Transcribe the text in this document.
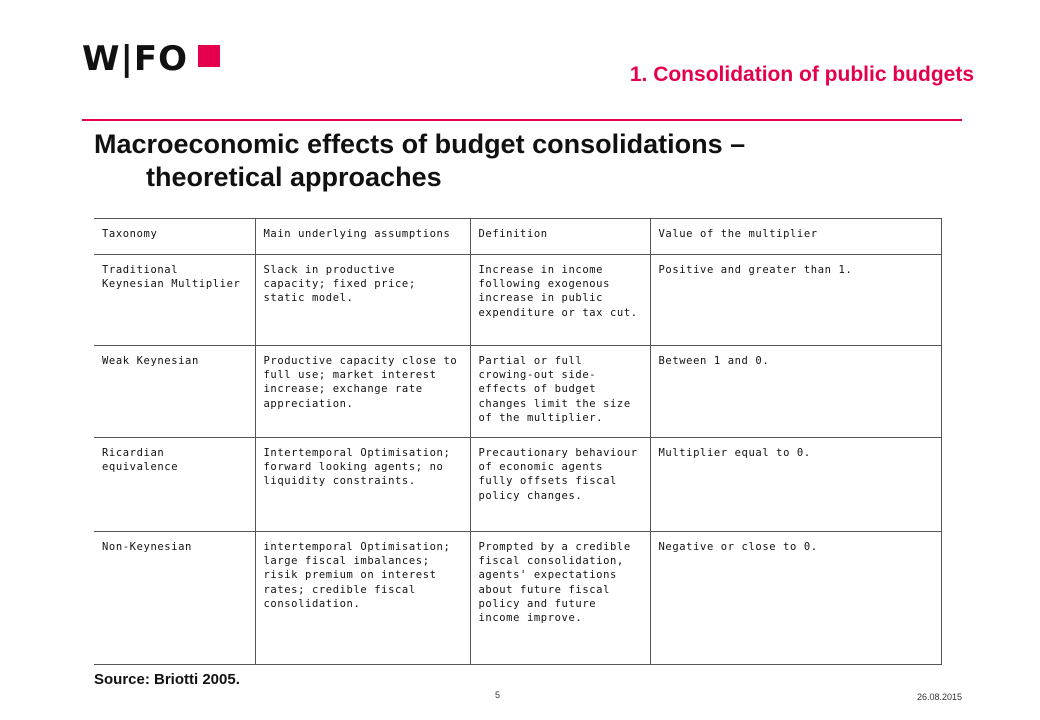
W|FO	1. Consolidation of public budgets
Macroeconomic effects of budget consolidations –
theoretical approaches
Taxonomy	Main underlying assumptions	Definition	Value of the multiplier
Traditional Keynesian Multiplier	Slack in productive capacity; fixed price; static model.	Increase in income following exogenous increase in public expenditure or tax cut.	Positive and greater than 1.
Weak Keynesian	Productive capacity close to full use; market interest increase; exchange rate appreciation.	Partial or full crowing-out side-effects of budget changes limit the size of the multiplier.	Between 1 and 0.
Ricardian equivalence	Intertemporal Optimisation; forward looking agents; no liquidity constraints.	Precautionary behaviour of economic agents fully offsets fiscal policy changes.	Multiplier equal to 0.
Non-Keynesian	intertemporal Optimisation; large fiscal imbalances; risik premium on interest rates; credible fiscal consolidation.	Prompted by a credible fiscal consolidation, agents' expectations about future fiscal policy and future income improve.	Negative or close to 0.
Source: Briotti 2005.
5	26.08.2015
